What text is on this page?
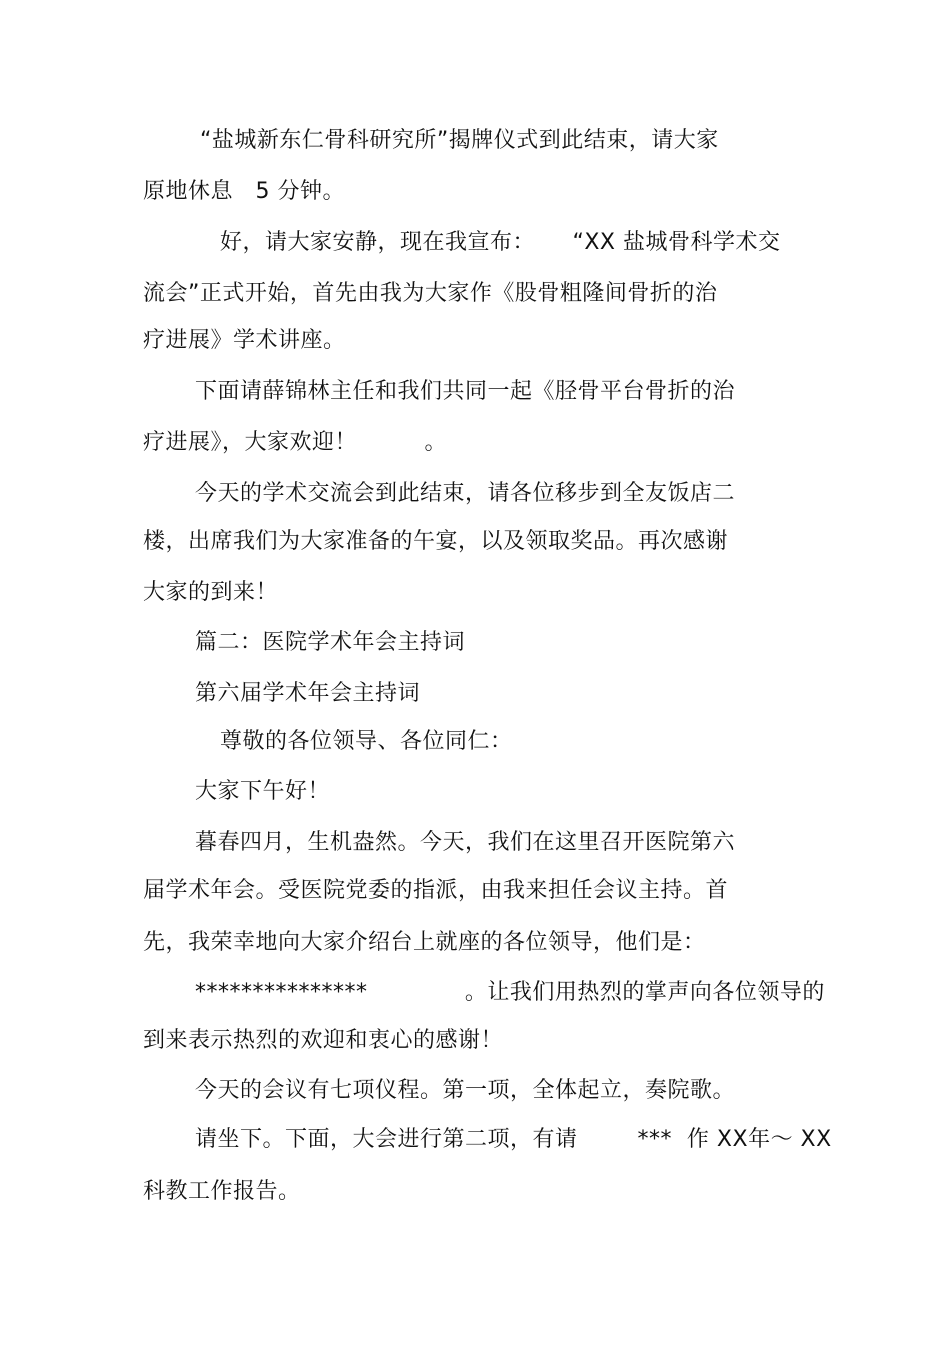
“盐城新东仁骨科研究所”揭牌仪式到此结束，请大家
原地休息   5 分钟。
好，请大家安静，现在我宣布：     “XX 盐城骨科学术交
流会”正式开始，首先由我为大家作《股骨粗隆间骨折的治
疗进展》学术讲座。
下面请薛锦林主任和我们共同一起《胫骨平台骨折的治
疗进展》，大家欢迎！         。
今天的学术交流会到此结束，请各位移步到全友饭店二
楼，出席我们为大家准备的午宴，以及领取奖品。再次感谢
大家的到来！
篇二：医院学术年会主持词
第六届学术年会主持词
尊敬的各位领导、各位同仁：
大家下午好！
暮春四月，生机盎然。今天，我们在这里召开医院第六
届学术年会。受医院党委的指派，由我来担任会议主持。首
先，我荣幸地向大家介绍台上就座的各位领导，他们是：
***************             。让我们用热烈的掌声向各位领导的
到来表示热烈的欢迎和衷心的感谢！
今天的会议有七项仪程。第一项，全体起立，奏院歌。
请坐下。下面，大会进行第二项，有请        ***  作 XX年～ XX
科教工作报告。
